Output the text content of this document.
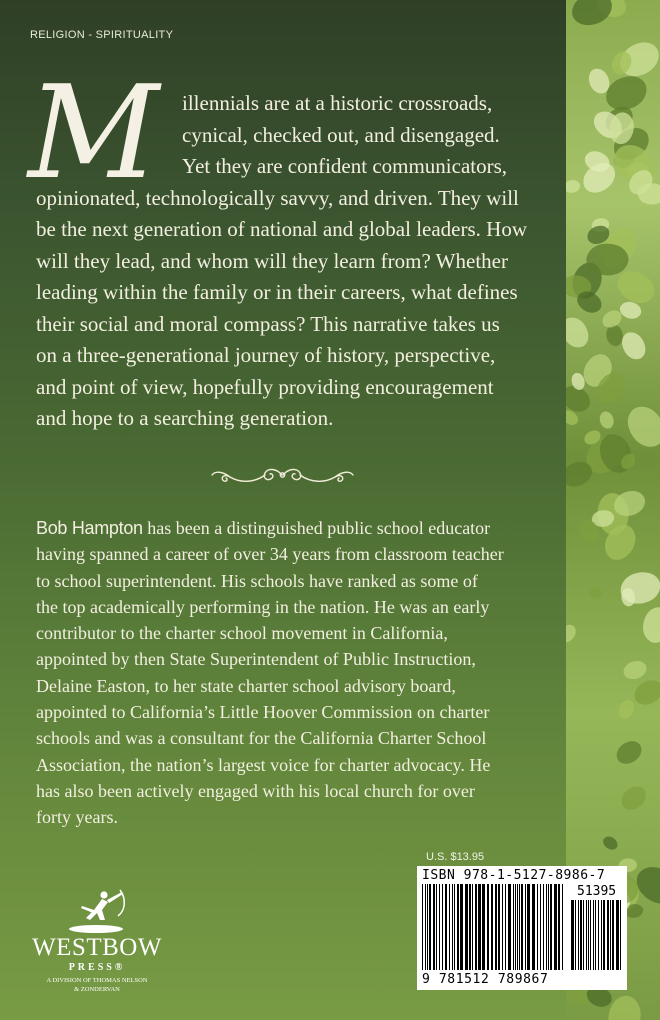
RELIGION - SPIRITUALITY
M	illennials are at a historic crossroads,
cynical, checked out, and disengaged.
Yet they are confident communicators,
opinionated, technologically savvy, and driven. They will
be the next generation of national and global leaders. How
will they lead, and whom will they learn from? Whether
leading within the family or in their careers, what defines
their social and moral compass? This narrative takes us
on a three-generational journey of history, perspective,
and point of view, hopefully providing encouragement
and hope to a searching generation.
Bob Hampton has been a distinguished public school educator
having spanned a career of over 34 years from classroom teacher
to school superintendent. His schools have ranked as some of
the top academically performing in the nation. He was an early
contributor to the charter school movement in California,
appointed by then State Superintendent of Public Instruction,
Delaine Easton, to her state charter school advisory board,
appointed to California’s Little Hoover Commission on charter
schools and was a consultant for the California Charter School
Association, the nation’s largest voice for charter advocacy. He
has also been actively engaged with his local church for over
forty years.
U.S. $13.95
ISBN 978-1-5127-8986-7
51395
9 781512 789867
WESTBOW
PRESS®
A DIVISION OF THOMAS NELSON
& ZONDERVAN
